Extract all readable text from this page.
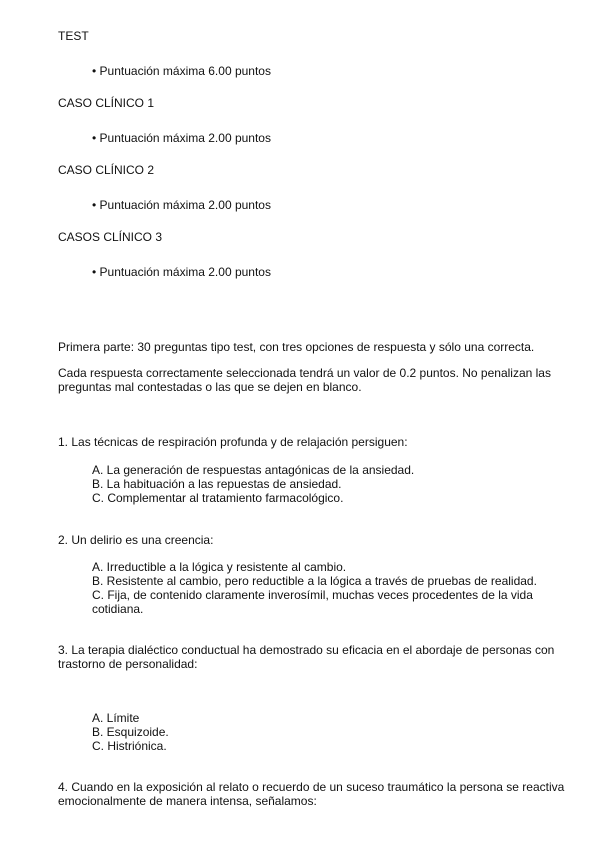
TEST
• Puntuación máxima 6.00 puntos
CASO CLÍNICO 1
• Puntuación máxima 2.00 puntos
CASO CLÍNICO 2
• Puntuación máxima 2.00 puntos
CASOS CLÍNICO 3
• Puntuación máxima 2.00 puntos
Primera parte: 30 preguntas tipo test, con tres opciones de respuesta y sólo una correcta.
Cada respuesta correctamente seleccionada tendrá un valor de 0.2 puntos. No penalizan las preguntas mal contestadas o las que se dejen en blanco.
1. Las técnicas de respiración profunda y de relajación persiguen:
A. La generación de respuestas antagónicas de la ansiedad.
B. La habituación a las repuestas de ansiedad.
C. Complementar al tratamiento farmacológico.
2. Un delirio es una creencia:
A. Irreductible a la lógica y resistente al cambio.
B. Resistente al cambio, pero reductible a la lógica a través de pruebas de realidad.
C. Fija, de contenido claramente inverosímil, muchas veces procedentes de la vida cotidiana.
3. La terapia dialéctico conductual ha demostrado su eficacia en el abordaje de personas con trastorno de personalidad:
A. Límite
B. Esquizoide.
C. Histriónica.
4. Cuando en la exposición al relato o recuerdo de un suceso traumático la persona se reactiva emocionalmente de manera intensa, señalamos:
